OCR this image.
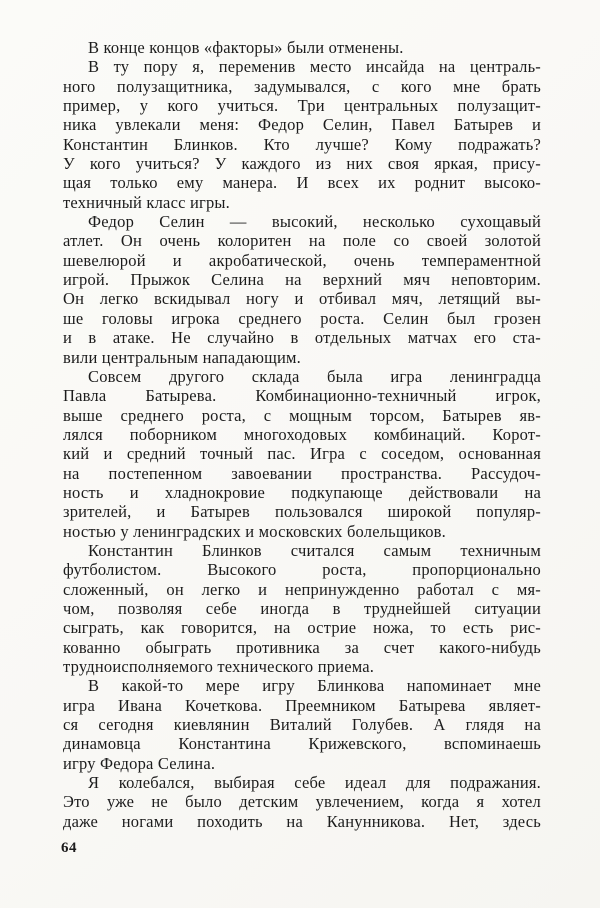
В конце концов «факторы» были отменены.
В ту пору я, переменив место инсайда на централь-
ного полузащитника, задумывался, с кого мне брать
пример, у кого учиться. Три центральных полузащит-
ника увлекали меня: Федор Селин, Павел Батырев и
Константин Блинков. Кто лучше? Кому подражать?
У кого учиться? У каждого из них своя яркая, прису-
щая только ему манера. И всех их роднит высоко-
техничный класс игры.
Федор Селин — высокий, несколько сухощавый
атлет. Он очень колоритен на поле со своей золотой
шевелюрой и акробатической, очень темпераментной
игрой. Прыжок Селина на верхний мяч неповторим.
Он легко вскидывал ногу и отбивал мяч, летящий вы-
ше головы игрока среднего роста. Селин был грозен
и в атаке. Не случайно в отдельных матчах его ста-
вили центральным нападающим.
Совсем другого склада была игра ленинградца
Павла Батырева. Комбинационно-техничный игрок,
выше среднего роста, с мощным торсом, Батырев яв-
лялся поборником многоходовых комбинаций. Корот-
кий и средний точный пас. Игра с соседом, основанная
на постепенном завоевании пространства. Рассудоч-
ность и хладнокровие подкупающе действовали на
зрителей, и Батырев пользовался широкой популяр-
ностью у ленинградских и московских болельщиков.
Константин Блинков считался самым техничным
футболистом. Высокого роста, пропорционально
сложенный, он легко и непринужденно работал с мя-
чом, позволяя себе иногда в труднейшей ситуации
сыграть, как говорится, на острие ножа, то есть рис-
кованно обыграть противника за счет какого-нибудь
трудноисполняемого технического приема.
В какой-то мере игру Блинкова напоминает мне
игра Ивана Кочеткова. Преемником Батырева являет-
ся сегодня киевлянин Виталий Голубев. А глядя на
динамовца Константина Крижевского, вспоминаешь
игру Федора Селина.
Я колебался, выбирая себе идеал для подражания.
Это уже не было детским увлечением, когда я хотел
даже ногами походить на Канунникова. Нет, здесь
64
